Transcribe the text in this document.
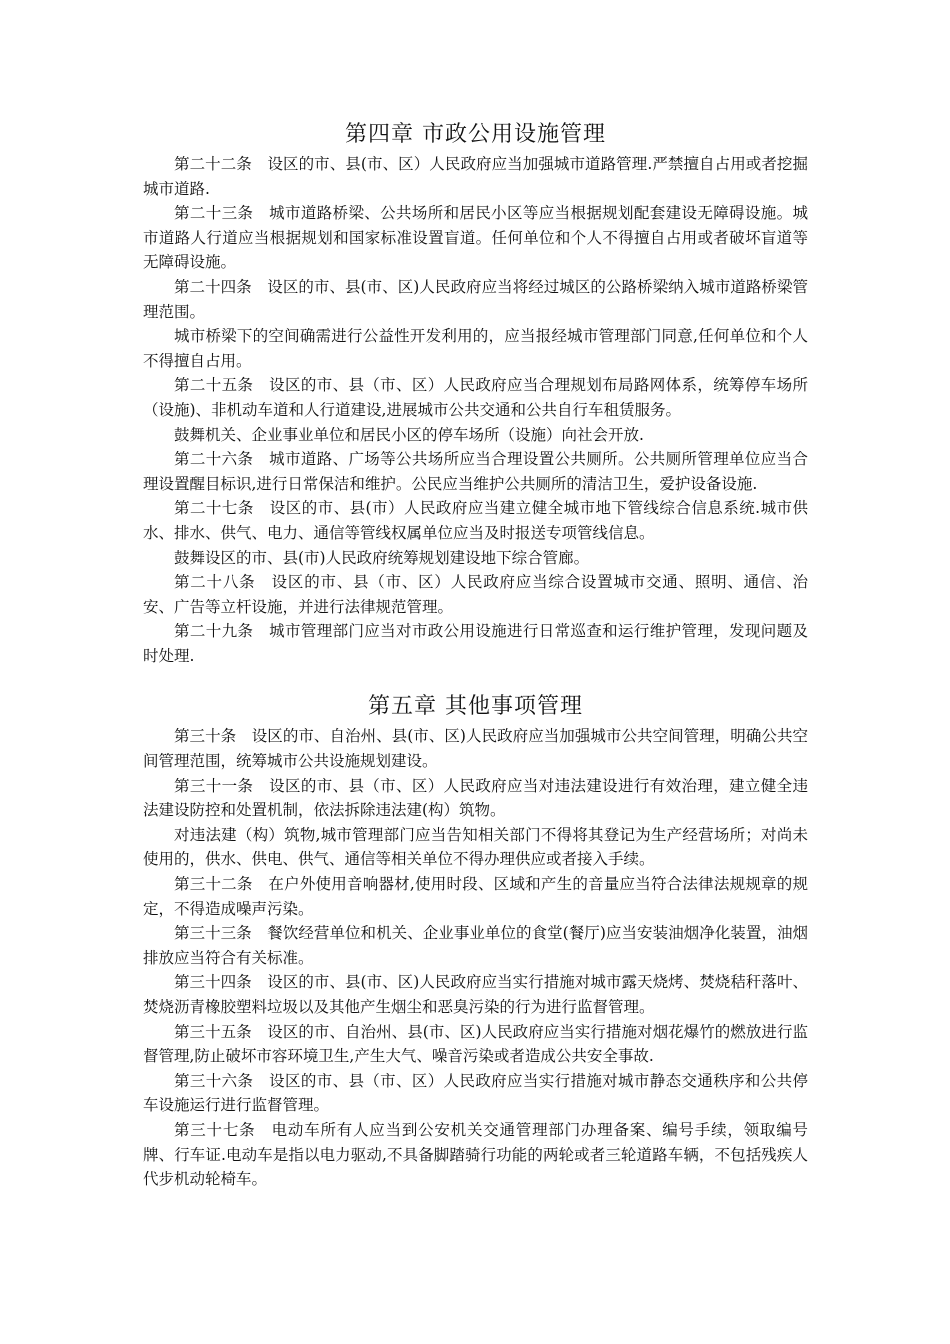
第四章 市政公用设施管理

第二十二条　设区的市、县(市、区）人民政府应当加强城市道路管理.严禁擅自占用或者挖掘城市道路.

第二十三条　城市道路桥梁、公共场所和居民小区等应当根据规划配套建设无障碍设施。城市道路人行道应当根据规划和国家标准设置盲道。任何单位和个人不得擅自占用或者破坏盲道等无障碍设施。

第二十四条　设区的市、县(市、区)人民政府应当将经过城区的公路桥梁纳入城市道路桥梁管理范围。

城市桥梁下的空间确需进行公益性开发利用的，应当报经城市管理部门同意,任何单位和个人不得擅自占用。

第二十五条　设区的市、县（市、区）人民政府应当合理规划布局路网体系，统筹停车场所（设施)、非机动车道和人行道建设,进展城市公共交通和公共自行车租赁服务。

鼓舞机关、企业事业单位和居民小区的停车场所（设施）向社会开放.

第二十六条　城市道路、广场等公共场所应当合理设置公共厕所。公共厕所管理单位应当合理设置醒目标识,进行日常保洁和维护。公民应当维护公共厕所的清洁卫生，爱护设备设施.

第二十七条　设区的市、县(市）人民政府应当建立健全城市地下管线综合信息系统.城市供水、排水、供气、电力、通信等管线权属单位应当及时报送专项管线信息。

鼓舞设区的市、县(市)人民政府统筹规划建设地下综合管廊。

第二十八条　设区的市、县（市、区）人民政府应当综合设置城市交通、照明、通信、治安、广告等立杆设施，并进行法律规范管理。

第二十九条　城市管理部门应当对市政公用设施进行日常巡查和运行维护管理，发现问题及时处理.

第五章 其他事项管理

第三十条　设区的市、自治州、县(市、区)人民政府应当加强城市公共空间管理，明确公共空间管理范围，统筹城市公共设施规划建设。

第三十一条　设区的市、县（市、区）人民政府应当对违法建设进行有效治理，建立健全违法建设防控和处置机制，依法拆除违法建(构）筑物。

对违法建（构）筑物,城市管理部门应当告知相关部门不得将其登记为生产经营场所；对尚未使用的，供水、供电、供气、通信等相关单位不得办理供应或者接入手续。

第三十二条　在户外使用音响器材,使用时段、区域和产生的音量应当符合法律法规规章的规定，不得造成噪声污染。

第三十三条　餐饮经营单位和机关、企业事业单位的食堂(餐厅)应当安装油烟净化装置，油烟排放应当符合有关标准。

第三十四条　设区的市、县(市、区)人民政府应当实行措施对城市露天烧烤、焚烧秸秆落叶、焚烧沥青橡胶塑料垃圾以及其他产生烟尘和恶臭污染的行为进行监督管理。

第三十五条　设区的市、自治州、县(市、区)人民政府应当实行措施对烟花爆竹的燃放进行监督管理,防止破坏市容环境卫生,产生大气、噪音污染或者造成公共安全事故.

第三十六条　设区的市、县（市、区）人民政府应当实行措施对城市静态交通秩序和公共停车设施运行进行监督管理。

第三十七条　电动车所有人应当到公安机关交通管理部门办理备案、编号手续，领取编号牌、行车证.电动车是指以电力驱动,不具备脚踏骑行功能的两轮或者三轮道路车辆，不包括残疾人代步机动轮椅车。
